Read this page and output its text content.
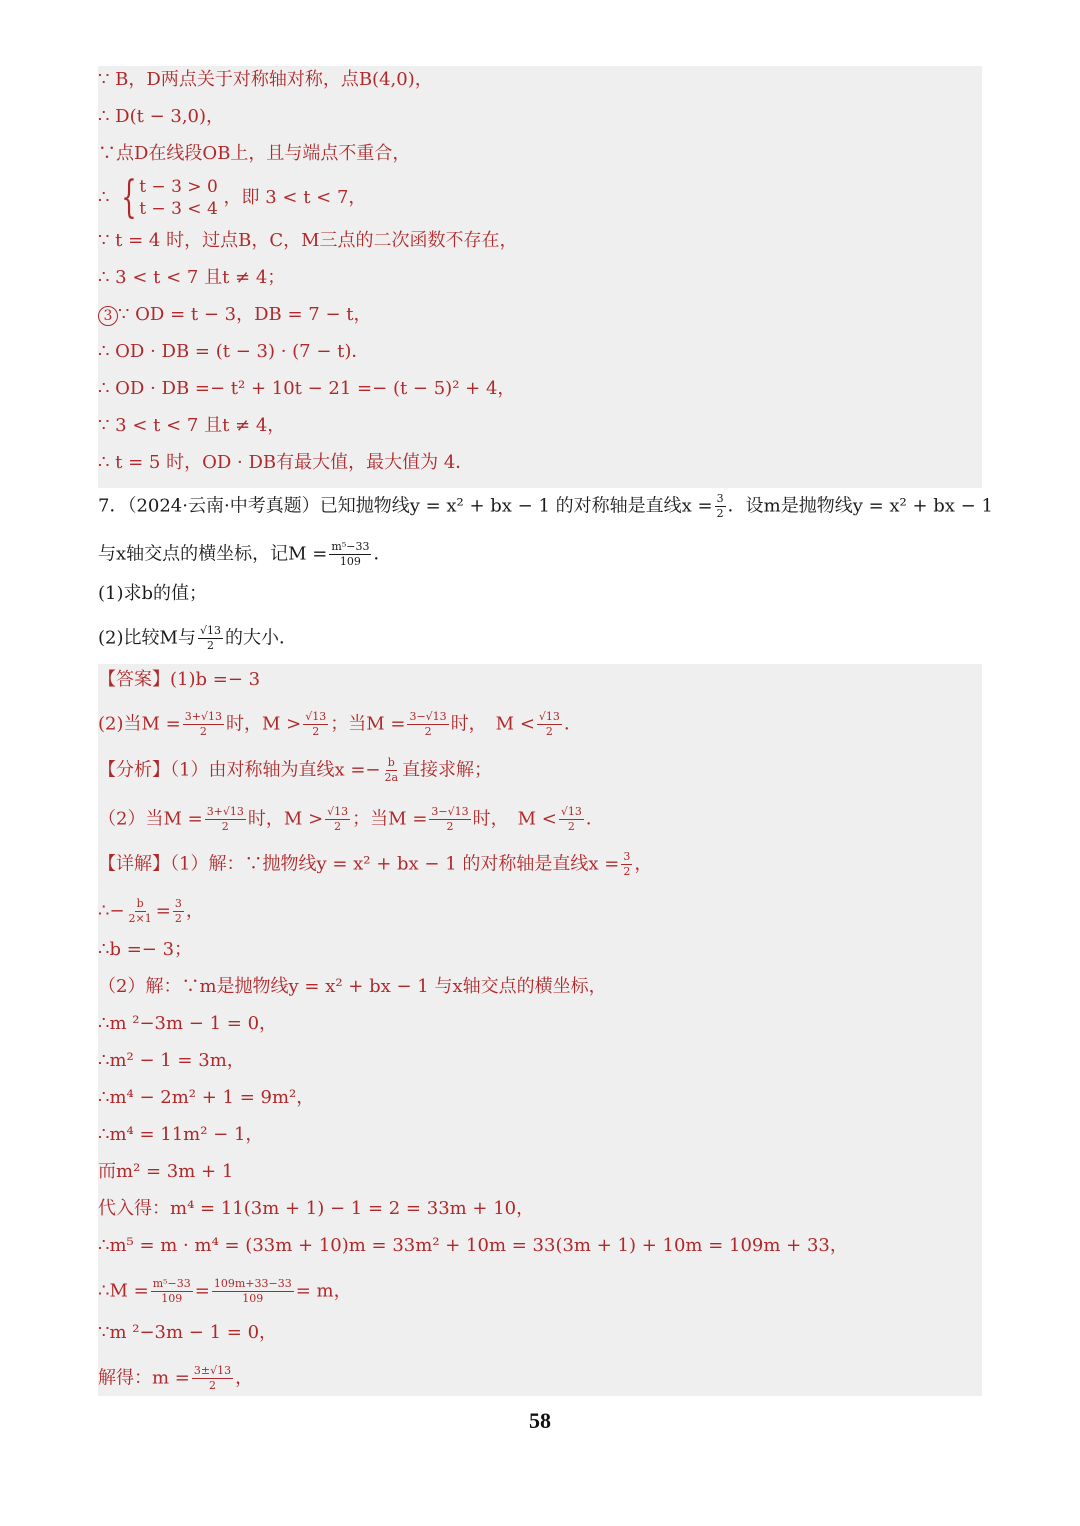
∵ B，D两点关于对称轴对称，点B(4,0)，
∴ D(t − 3,0)，
∵点D在线段OB上，且与端点不重合，
∴ { t − 3 > 0
t − 3 < 4
，即 3 < t < 7，
∵ t = 4 时，过点B，C，M三点的二次函数不存在，
∴ 3 < t < 7 且t ≠ 4；
3 ∵ OD = t − 3，DB = 7 − t，
∴ OD · DB = (t − 3) · (7 − t)．
∴ OD · DB =− t² + 10t − 21 =− (t − 5)² + 4，
∵ 3 < t < 7 且t ≠ 4，
∴ t = 5 时，OD · DB有最大值，最大值为 4．
7．（2024·云南·中考真题）已知抛物线y = x² + bx − 1 的对称轴是直线$x = \frac{3}{2}$ ．设m是抛物线y = x² + bx − 1
与x轴交点的横坐标，记$M = \frac{\text{m⁵−33}}{109}$ ．
(1)求b的值；
(2)比较M与 $\frac{√13}{2}$ 的大小．
【答案】(1)b =− 3
(2)当$M = \frac{3+√13}{2}$ 时，$M > \frac{√13}{2}$ ；当$M = \frac{3-√13}{2}$ 时，　$M < \frac{√13}{2}$ ．
【分析】（1）由对称轴为直线$x =- \frac{b}{2a}$ 直接求解；
（2）当$M = \frac{3+√13}{2}$ 时，$M > \frac{√13}{2}$ ；当$M = \frac{3-√13}{2}$ 时，　$M < \frac{√13}{2}$ ．
【详解】（1）解：∵抛物线y = x² + bx − 1 的对称轴是直线$x = \frac{3}{2}$ ，
∴− $\frac{b}{2\times 1} = \frac{3}{2}$ ，
∴b =− 3；
（2）解：∵m是抛物线y = x² + bx − 1 与x轴交点的横坐标，
∴m ²−3m − 1 = 0，
∴m² − 1 = 3m，
∴m⁴ − 2m² + 1 = 9m²，
∴m⁴ = 11m² − 1，
而m² = 3m + 1
代入得：m⁴ = 11(3m + 1) − 1 = 2 = 33m + 10，
∴m⁵ = m · m⁴ = (33m + 10)m = 33m² + 10m = 33(3m + 1) + 10m = 109m + 33，
∴M = $\frac{\text{m⁵−33}}{109} = \frac{109m+33-33}{109} = m$，
∵m ²−3m − 1 = 0，
解得：$m = \frac{3\pm√13}{2}$ ，
58
